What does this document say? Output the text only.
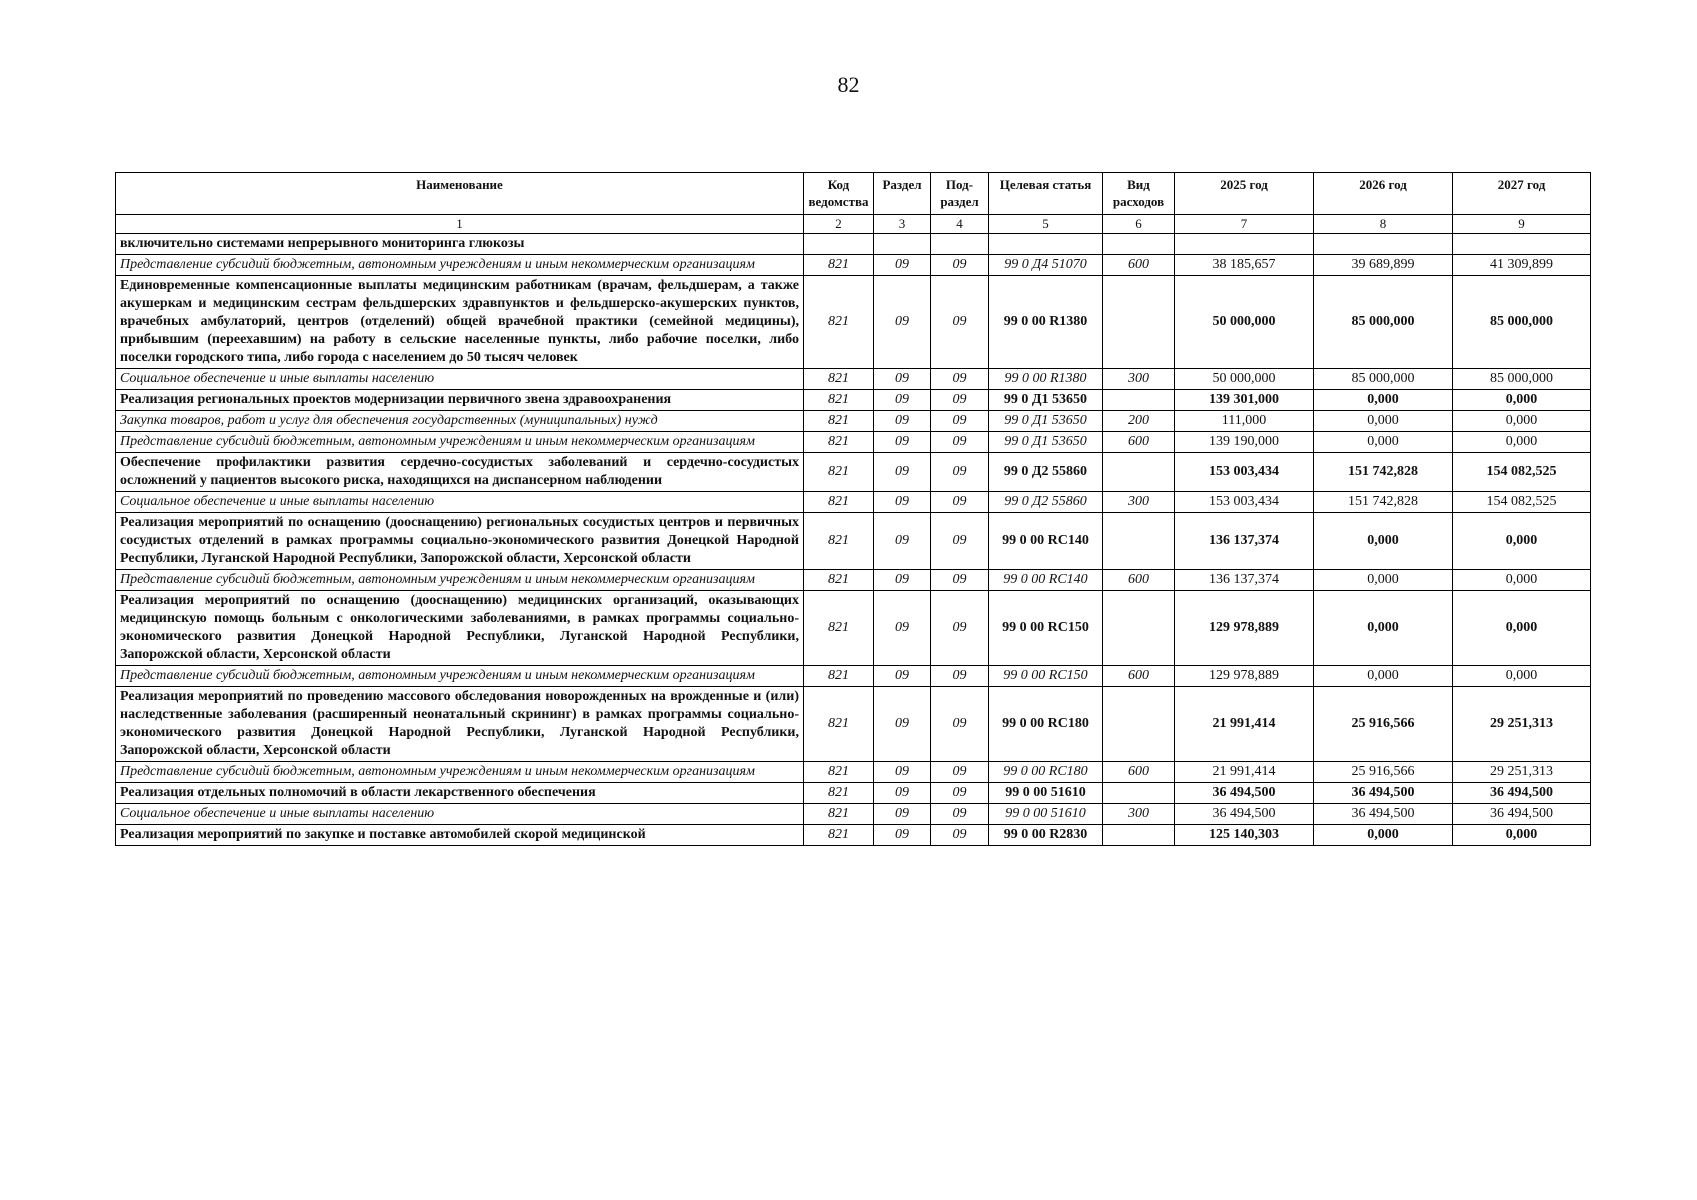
82
Наименование	Код ведомства	Раздел	Под-раздел	Целевая статья	Вид расходов	2025 год	2026 год	2027 год
1	2	3	4	5	6	7	8	9
включительно системами непрерывного мониторинга глюкозы								
Представление субсидий бюджетным, автономным учреждениям и иным некоммерческим организациям	821	09	09	99 0 Д4 51070	600	38 185,657	39 689,899	41 309,899
Единовременные компенсационные выплаты медицинским работникам (врачам, фельдшерам, а также акушеркам и медицинским сестрам фельдшерских здравпунктов и фельдшерско-акушерских пунктов, врачебных амбулаторий, центров (отделений) общей врачебной практики (семейной медицины), прибывшим (переехавшим) на работу в сельские населенные пункты, либо рабочие поселки, либо поселки городского типа, либо города с населением до 50 тысяч человек	821	09	09	99 0 00 R1380		50 000,000	85 000,000	85 000,000
Социальное обеспечение и иные выплаты населению	821	09	09	99 0 00 R1380	300	50 000,000	85 000,000	85 000,000
Реализация региональных проектов модернизации первичного звена здравоохранения	821	09	09	99 0 Д1 53650		139 301,000	0,000	0,000
Закупка товаров, работ и услуг для обеспечения государственных (муниципальных) нужд	821	09	09	99 0 Д1 53650	200	111,000	0,000	0,000
Представление субсидий бюджетным, автономным учреждениям и иным некоммерческим организациям	821	09	09	99 0 Д1 53650	600	139 190,000	0,000	0,000
Обеспечение профилактики развития сердечно-сосудистых заболеваний и сердечно-сосудистых осложнений у пациентов высокого риска, находящихся на диспансерном наблюдении	821	09	09	99 0 Д2 55860		153 003,434	151 742,828	154 082,525
Социальное обеспечение и иные выплаты населению	821	09	09	99 0 Д2 55860	300	153 003,434	151 742,828	154 082,525
Реализация мероприятий по оснащению (дооснащению) региональных сосудистых центров и первичных сосудистых отделений в рамках программы социально-экономического развития Донецкой Народной Республики, Луганской Народной Республики, Запорожской области, Херсонской области	821	09	09	99 0 00 RC140		136 137,374	0,000	0,000
Представление субсидий бюджетным, автономным учреждениям и иным некоммерческим организациям	821	09	09	99 0 00 RC140	600	136 137,374	0,000	0,000
Реализация мероприятий по оснащению (дооснащению) медицинских организаций, оказывающих медицинскую помощь больным с онкологическими заболеваниями, в рамках программы социально-экономического развития Донецкой Народной Республики, Луганской Народной Республики, Запорожской области, Херсонской области	821	09	09	99 0 00 RC150		129 978,889	0,000	0,000
Представление субсидий бюджетным, автономным учреждениям и иным некоммерческим организациям	821	09	09	99 0 00 RC150	600	129 978,889	0,000	0,000
Реализация мероприятий по проведению массового обследования новорожденных на врожденные и (или) наследственные заболевания (расширенный неонатальный скрининг) в рамках программы социально-экономического развития Донецкой Народной Республики, Луганской Народной Республики, Запорожской области, Херсонской области	821	09	09	99 0 00 RC180		21 991,414	25 916,566	29 251,313
Представление субсидий бюджетным, автономным учреждениям и иным некоммерческим организациям	821	09	09	99 0 00 RC180	600	21 991,414	25 916,566	29 251,313
Реализация отдельных полномочий в области лекарственного обеспечения	821	09	09	99 0 00 51610		36 494,500	36 494,500	36 494,500
Социальное обеспечение и иные выплаты населению	821	09	09	99 0 00 51610	300	36 494,500	36 494,500	36 494,500
Реализация мероприятий по закупке и поставке автомобилей скорой медицинской	821	09	09	99 0 00 R2830		125 140,303	0,000	0,000
